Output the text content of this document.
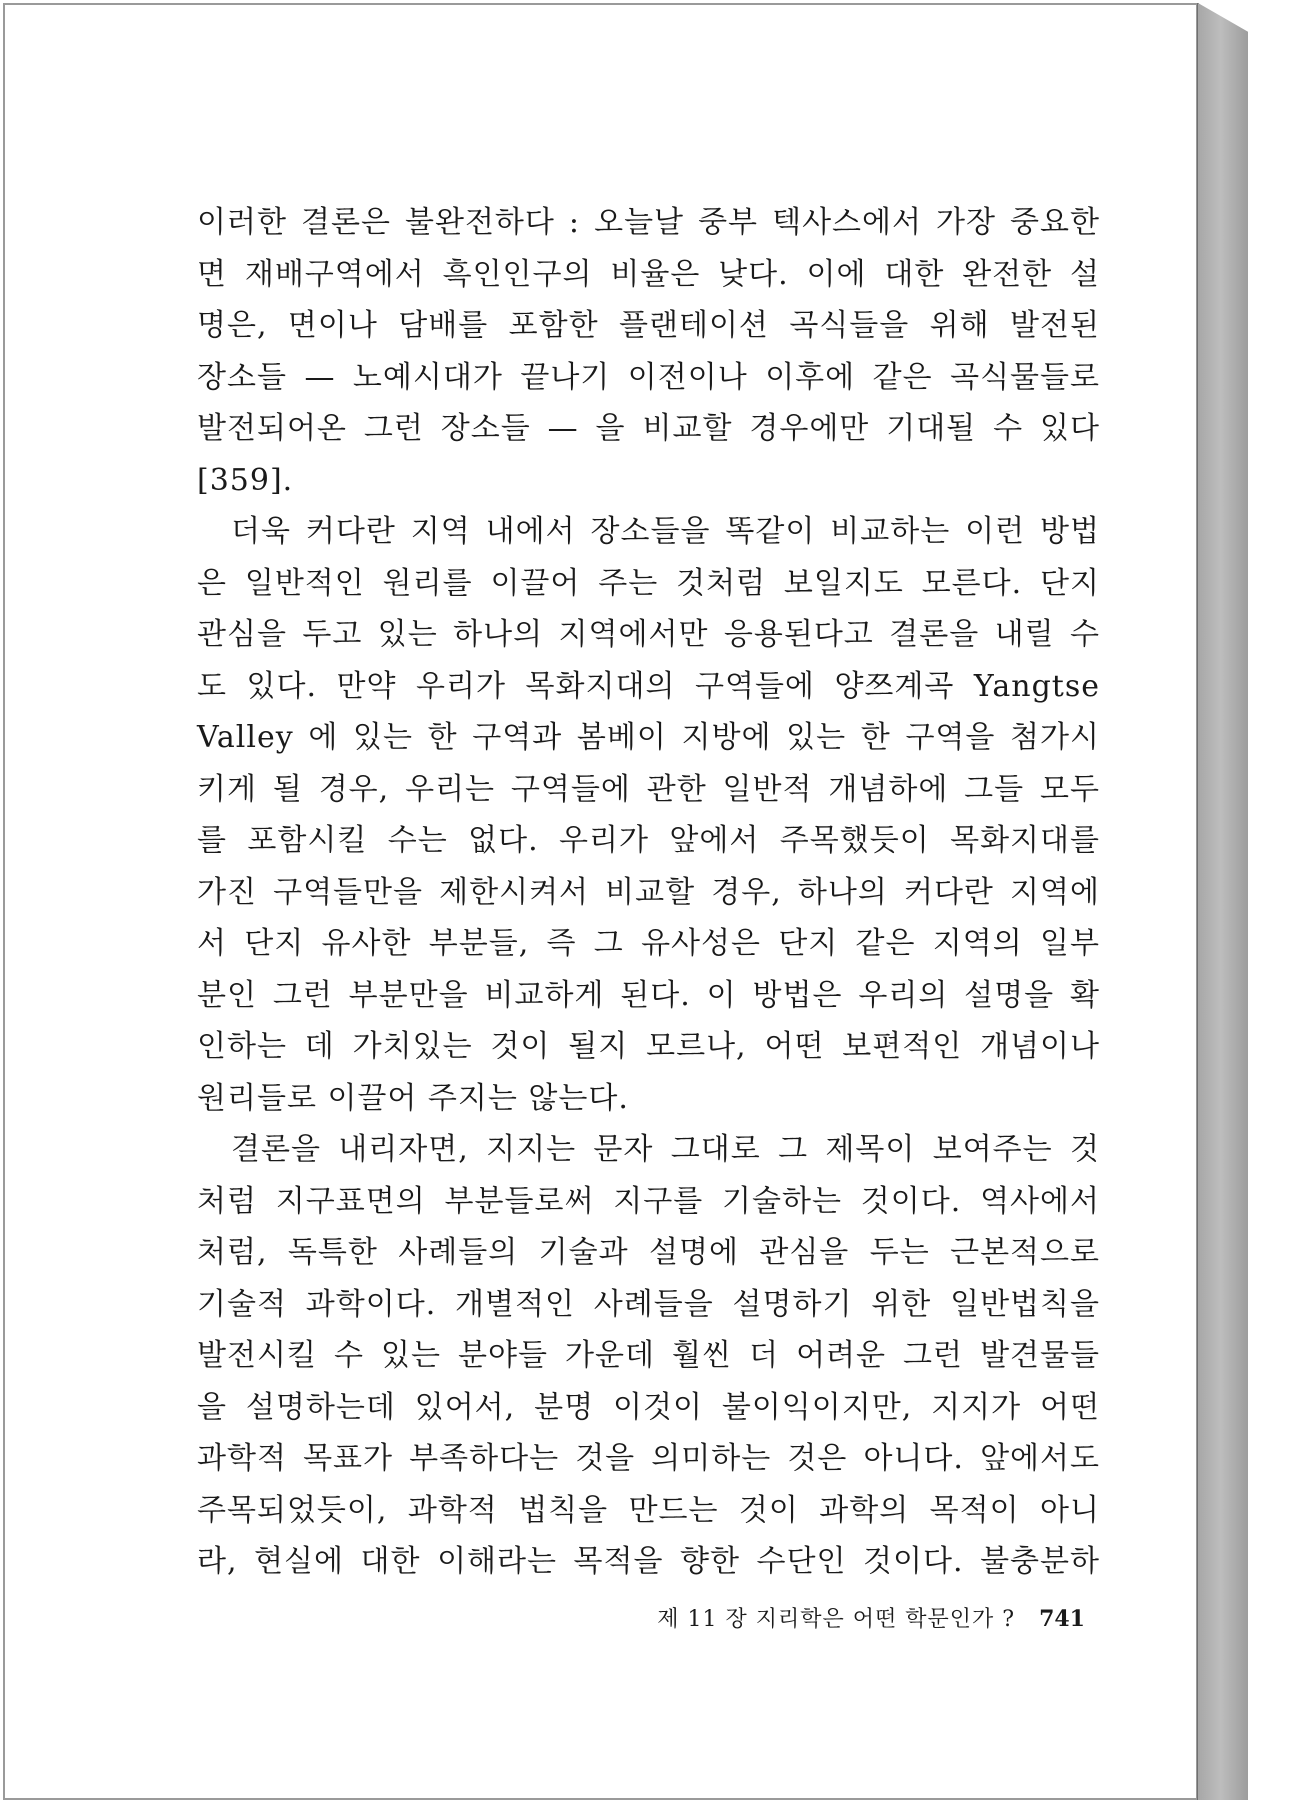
이러한 결론은 불완전하다 : 오늘날 중부 텍사스에서 가장 중요한
면 재배구역에서 흑인인구의 비율은 낮다. 이에 대한 완전한 설
명은, 면이나 담배를 포함한 플랜테이션 곡식들을 위해 발전된
장소들 — 노예시대가 끝나기 이전이나 이후에 같은 곡식물들로
발전되어온 그런 장소들 — 을 비교할 경우에만 기대될 수 있다
[359].

더욱 커다란 지역 내에서 장소들을 똑같이 비교하는 이런 방법
은 일반적인 원리를 이끌어 주는 것처럼 보일지도 모른다. 단지
관심을 두고 있는 하나의 지역에서만 응용된다고 결론을 내릴 수
도 있다. 만약 우리가 목화지대의 구역들에 양쯔계곡 Yangtse
Valley 에 있는 한 구역과 봄베이 지방에 있는 한 구역을 첨가시
키게 될 경우, 우리는 구역들에 관한 일반적 개념하에 그들 모두
를 포함시킬 수는 없다. 우리가 앞에서 주목했듯이 목화지대를
가진 구역들만을 제한시켜서 비교할 경우, 하나의 커다란 지역에
서 단지 유사한 부분들, 즉 그 유사성은 단지 같은 지역의 일부
분인 그런 부분만을 비교하게 된다. 이 방법은 우리의 설명을 확
인하는 데 가치있는 것이 될지 모르나, 어떤 보편적인 개념이나
원리들로 이끌어 주지는 않는다.

결론을 내리자면, 지지는 문자 그대로 그 제목이 보여주는 것
처럼 지구표면의 부분들로써 지구를 기술하는 것이다. 역사에서
처럼, 독특한 사례들의 기술과 설명에 관심을 두는 근본적으로
기술적 과학이다. 개별적인 사례들을 설명하기 위한 일반법칙을
발전시킬 수 있는 분야들 가운데 훨씬 더 어려운 그런 발견물들
을 설명하는데 있어서, 분명 이것이 불이익이지만, 지지가 어떤
과학적 목표가 부족하다는 것을 의미하는 것은 아니다. 앞에서도
주목되었듯이, 과학적 법칙을 만드는 것이 과학의 목적이 아니
라, 현실에 대한 이해라는 목적을 향한 수단인 것이다. 불충분하

제 11 장 지리학은 어떤 학문인가 ? 741
